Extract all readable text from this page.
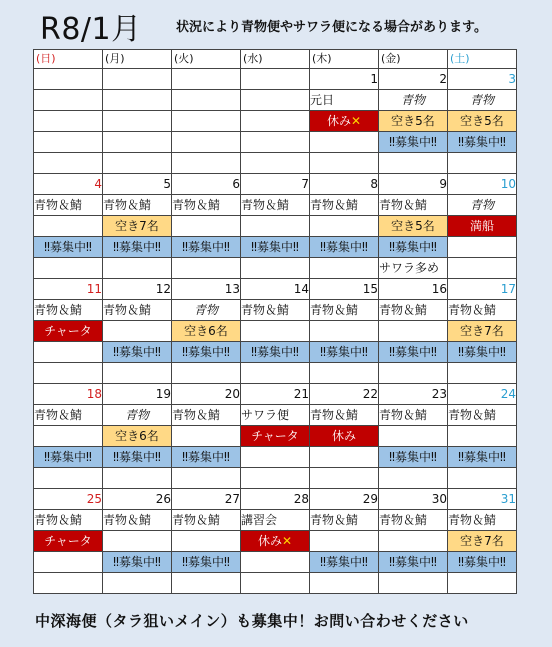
R8/1月	状況により青物便やサワラ便になる場合があります。
(日)	(月)	(火)	(水)	(木)	(金)	(土)
				1	2	3
				元日	青物	青物
				休み✕	空き5名	空き5名
					‼募集中‼	‼募集中‼

4	5	6	7	8	9	10
青物＆鯖	青物＆鯖	青物＆鯖	青物＆鯖	青物＆鯖	青物＆鯖	青物
	空き7名				空き5名	満船
‼募集中‼	‼募集中‼	‼募集中‼	‼募集中‼	‼募集中‼	‼募集中‼	
					サワラ多め	
11	12	13	14	15	16	17
青物＆鯖	青物＆鯖	青物	青物＆鯖	青物＆鯖	青物＆鯖	青物＆鯖
チャータ		空き6名				空き7名
	‼募集中‼	‼募集中‼	‼募集中‼	‼募集中‼	‼募集中‼	‼募集中‼

18	19	20	21	22	23	24
青物＆鯖	青物	青物＆鯖	サワラ便	青物＆鯖	青物＆鯖	青物＆鯖
	空き6名		チャータ	休み		
‼募集中‼	‼募集中‼	‼募集中‼			‼募集中‼	‼募集中‼

25	26	27	28	29	30	31
青物＆鯖	青物＆鯖	青物＆鯖	講習会	青物＆鯖	青物＆鯖	青物＆鯖
チャータ			休み✕			空き7名
	‼募集中‼	‼募集中‼		‼募集中‼	‼募集中‼	‼募集中‼

中深海便（タラ狙いメイン）も募集中！お問い合わせください
